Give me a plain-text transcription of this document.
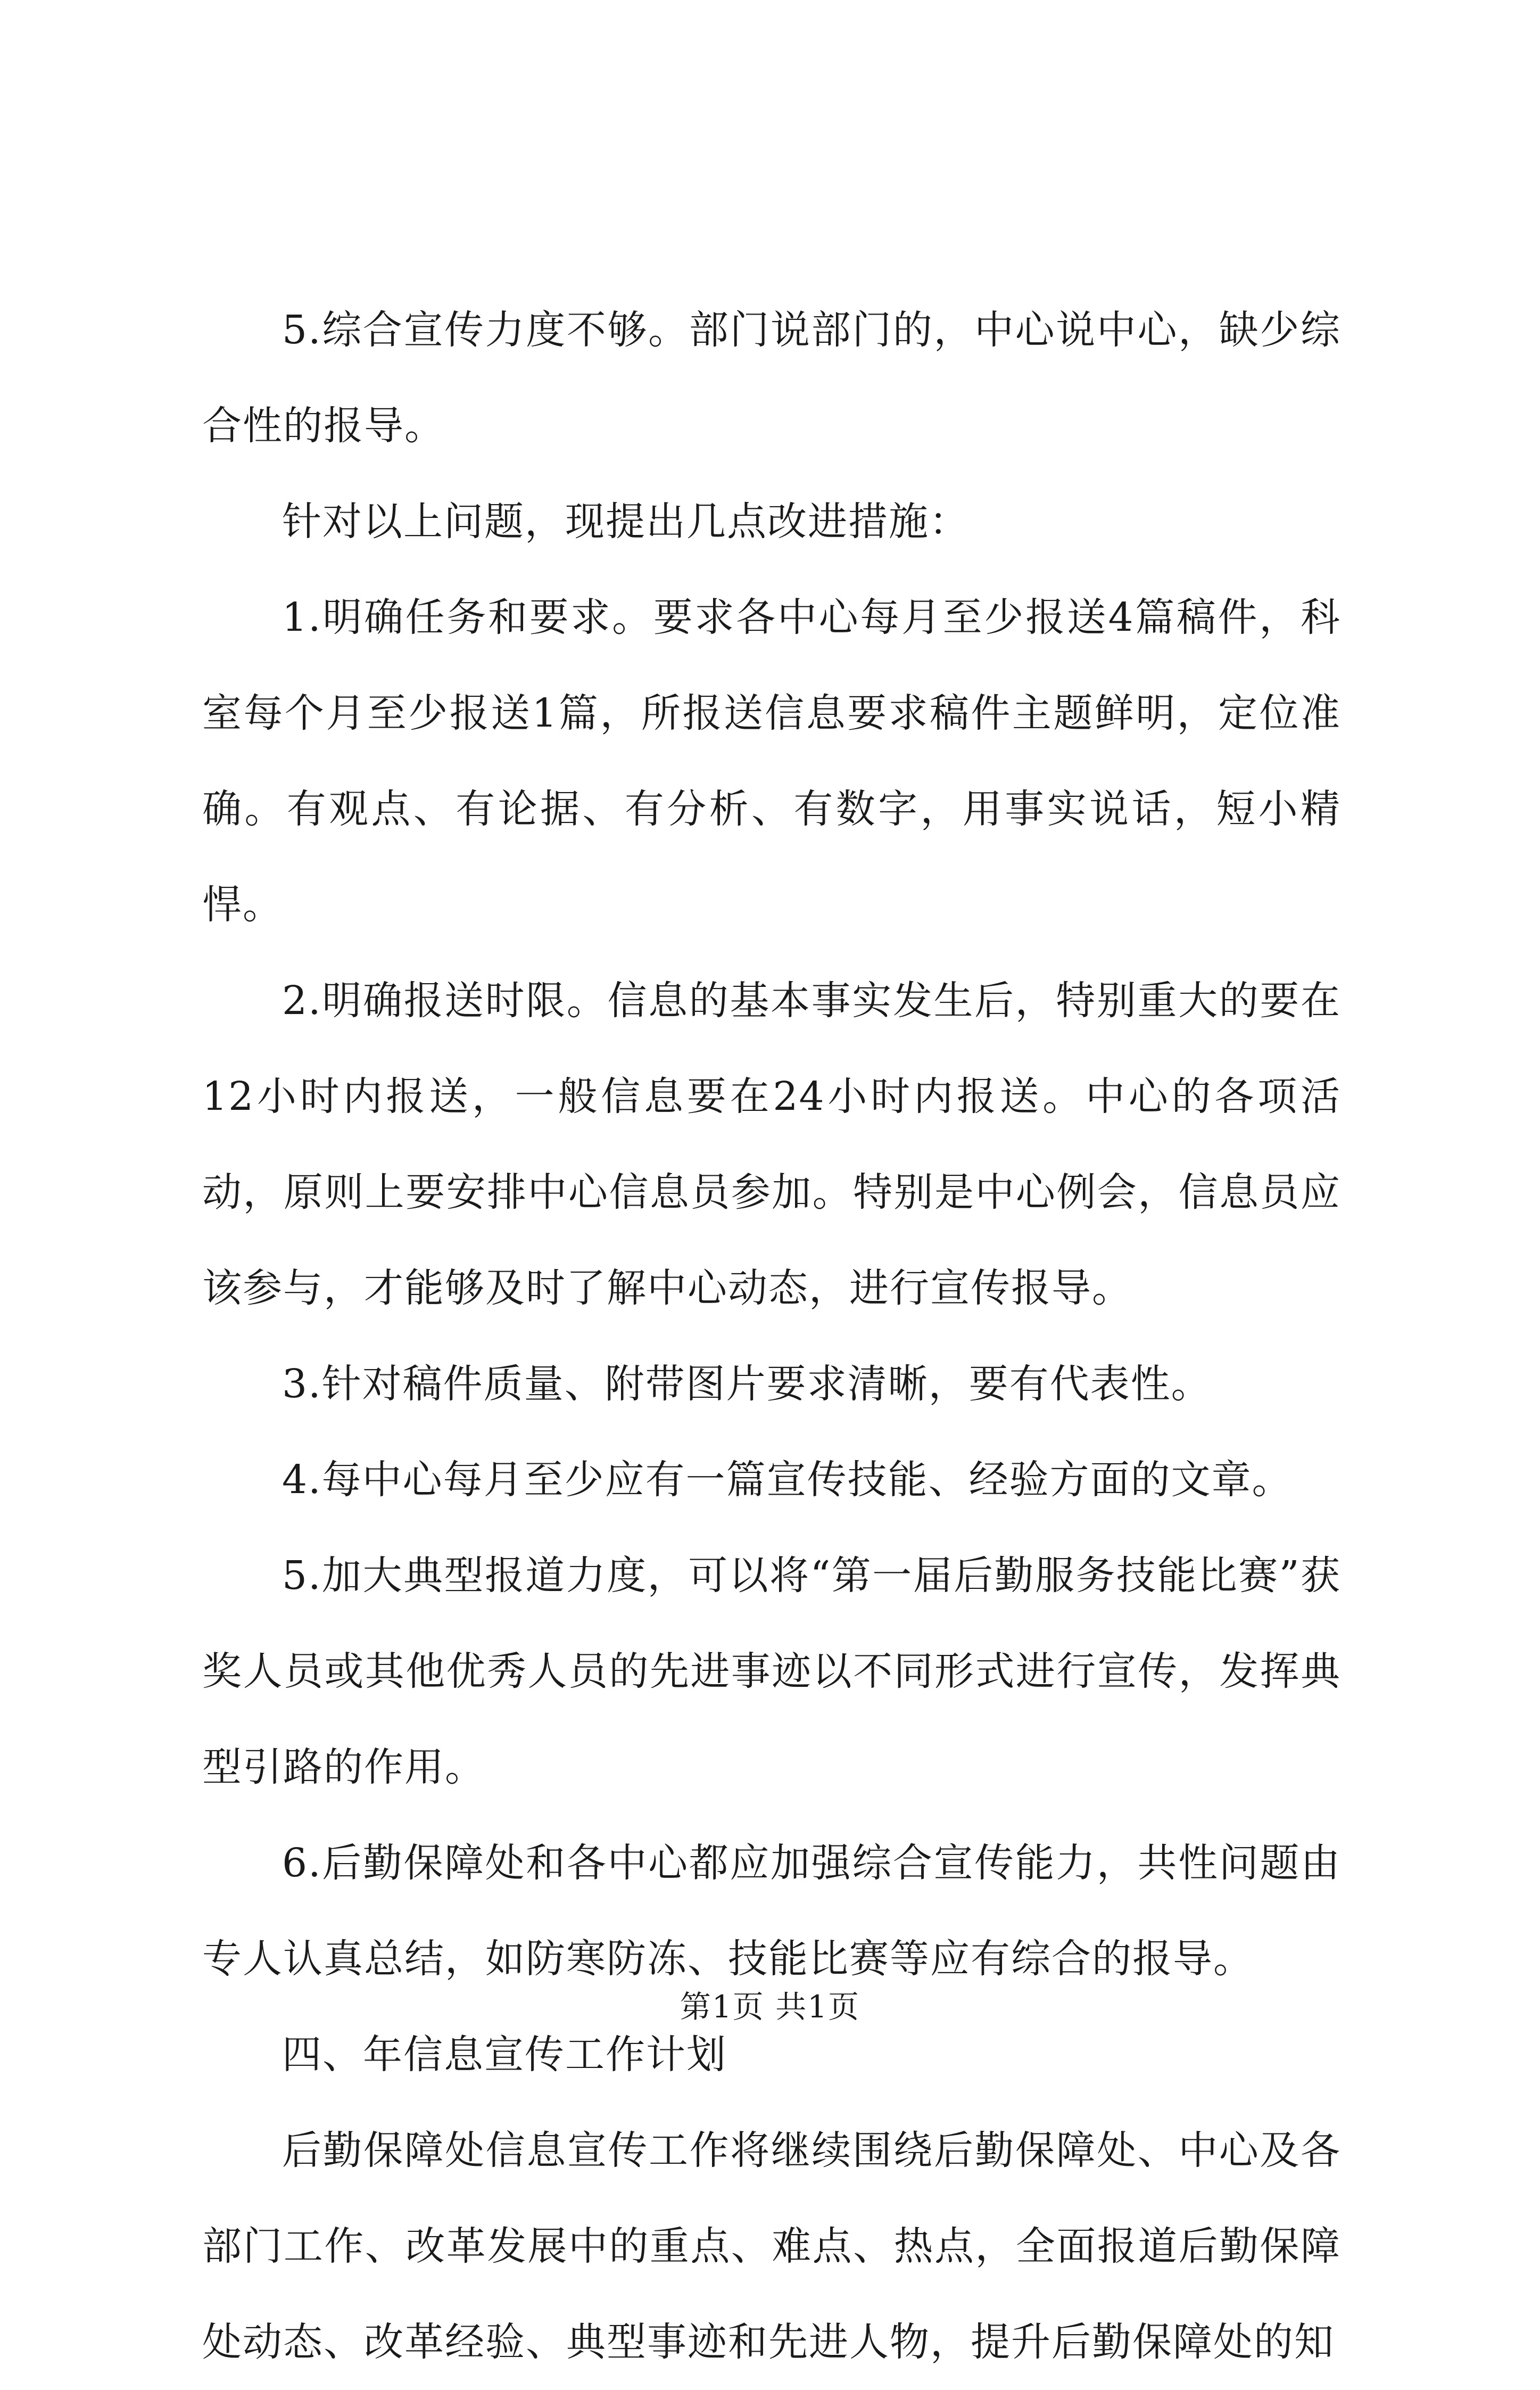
5.综合宣传力度不够。部门说部门的，中心说中心，缺少综合性的报导。

针对以上问题，现提出几点改进措施：

1.明确任务和要求。要求各中心每月至少报送4篇稿件，科室每个月至少报送1篇，所报送信息要求稿件主题鲜明，定位准确。有观点、有论据、有分析、有数字，用事实说话，短小精悍。

2.明确报送时限。信息的基本事实发生后，特别重大的要在12小时内报送，一般信息要在24小时内报送。中心的各项活动，原则上要安排中心信息员参加。特别是中心例会，信息员应该参与，才能够及时了解中心动态，进行宣传报导。

3.针对稿件质量、附带图片要求清晰，要有代表性。

4.每中心每月至少应有一篇宣传技能、经验方面的文章。

5.加大典型报道力度，可以将“第一届后勤服务技能比赛”获奖人员或其他优秀人员的先进事迹以不同形式进行宣传，发挥典型引路的作用。

6.后勤保障处和各中心都应加强综合宣传能力，共性问题由专人认真总结，如防寒防冻、技能比赛等应有综合的报导。

四、年信息宣传工作计划

后勤保障处信息宣传工作将继续围绕后勤保障处、中心及各部门工作、改革发展中的重点、难点、热点，全面报道后勤保障处动态、改革经验、典型事迹和先进人物，提升后勤保障处的知

第1页 共1页
